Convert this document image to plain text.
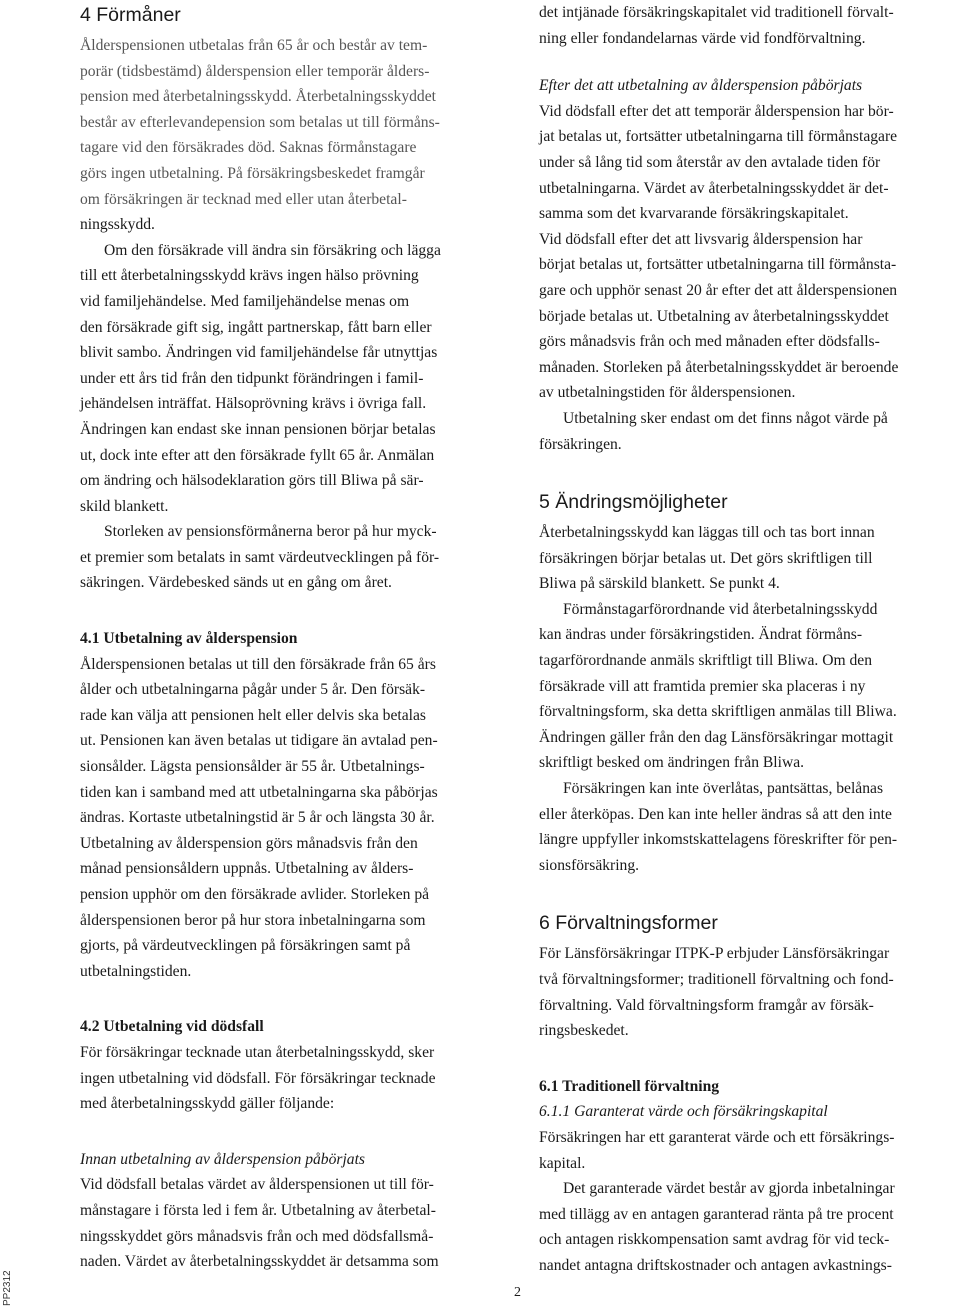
4 Förmåner
Ålderspensionen utbetalas från 65 år och består av tem-
porär (tidsbestämd) ålderspension eller temporär ålders-
pension med återbetalningsskydd. Återbetalningsskyddet
består av efterlevandepension som betalas ut till förmåns-
tagare vid den försäkrades död. Saknas förmånstagare
görs ingen utbetalning. På försäkringsbeskedet framgår
om försäkringen är tecknad med eller utan återbetal-
ningsskydd.
Om den försäkrade vill ändra sin försäkring och lägga
till ett återbetalningsskydd krävs ingen hälso prövning
vid familjehändelse. Med familjehändelse menas om
den försäkrade gift sig, ingått partnerskap, fått barn eller
blivit sambo. Ändringen vid familjehändelse får utnyttjas
under ett års tid från den tidpunkt förändringen i famil-
jehändelsen inträffat. Hälsoprövning krävs i övriga fall.
Ändringen kan endast ske innan pensionen börjar betalas
ut, dock inte efter att den försäkrade fyllt 65 år. Anmälan
om ändring och hälsodeklaration görs till Bliwa på sär-
skild blankett.
Storleken av pensionsförmånerna beror på hur myck-
et premier som betalats in samt värdeutvecklingen på för-
säkringen. Värdebesked sänds ut en gång om året.
4.1 Utbetalning av ålderspension
Ålderspensionen betalas ut till den försäkrade från 65 års
ålder och utbetalningarna pågår under 5 år. Den försäk-
rade kan välja att pensionen helt eller delvis ska betalas
ut. Pensionen kan även betalas ut tidigare än avtalad pen-
sionsålder. Lägsta pensionsålder är 55 år. Utbetalnings-
tiden kan i samband med att utbetalningarna ska påbörjas
ändras. Kortaste utbetalningstid är 5 år och längsta 30 år.
Utbetalning av ålderspension görs månadsvis från den
månad pensionsåldern uppnås. Utbetalning av ålders-
pension upphör om den försäkrade avlider. Storleken på
ålderspensionen beror på hur stora inbetalningarna som
gjorts, på värdeutvecklingen på försäkringen samt på
utbetalningstiden.
4.2 Utbetalning vid dödsfall
För försäkringar tecknade utan återbetalningsskydd, sker
ingen utbetalning vid dödsfall. För försäkringar tecknade
med återbetalningsskydd gäller följande:
Innan utbetalning av ålderspension påbörjats
Vid dödsfall betalas värdet av ålderspensionen ut till för-
månstagare i första led i fem år. Utbetalning av återbetal-
ningsskyddet görs månadsvis från och med dödsfallsmå-
naden. Värdet av återbetalningsskyddet är detsamma som
det intjänade försäkringskapitalet vid traditionell förvalt-
ning eller fondandelarnas värde vid fondförvaltning.
Efter det att utbetalning av ålderspension påbörjats
Vid dödsfall efter det att temporär ålderspension har bör-
jat betalas ut, fortsätter utbetalningarna till förmånstagare
under så lång tid som återstår av den avtalade tiden för
utbetalningarna. Värdet av återbetalningsskyddet är det-
samma som det kvarvarande försäkringskapitalet.
Vid dödsfall efter det att livsvarig ålderspension har
börjat betalas ut, fortsätter utbetalningarna till förmånsta-
gare och upphör senast 20 år efter det att ålderspensionen
började betalas ut. Utbetalning av återbetalningsskyddet
görs månadsvis från och med månaden efter dödsfalls-
månaden. Storleken på återbetalningsskyddet är beroende
av utbetalningstiden för ålderspensionen.
Utbetalning sker endast om det finns något värde på
försäkringen.
5 Ändringsmöjligheter
Återbetalningsskydd kan läggas till och tas bort innan
försäkringen börjar betalas ut. Det görs skriftligen till
Bliwa på särskild blankett. Se punkt 4.
Förmånstagarförordnande vid återbetalningsskydd
kan ändras under försäkringstiden. Ändrat förmåns-
tagarförordnande anmäls skriftligt till Bliwa. Om den
försäkrade vill att framtida premier ska placeras i ny
förvaltningsform, ska detta skriftligen anmälas till Bliwa.
Ändringen gäller från den dag Länsförsäkringar mottagit
skriftligt besked om ändringen från Bliwa.
Försäkringen kan inte överlåtas, pantsättas, belånas
eller återköpas. Den kan inte heller ändras så att den inte
längre uppfyller inkomstskattelagens föreskrifter för pen-
sionsförsäkring.
6 Förvaltningsformer
För Länsförsäkringar ITPK-P erbjuder Länsförsäkringar
två förvaltningsformer; traditionell förvaltning och fond-
förvaltning. Vald förvaltningsform framgår av försäk-
ringsbeskedet.
6.1 Traditionell förvaltning
6.1.1 Garanterat värde och försäkringskapital
Försäkringen har ett garanterat värde och ett försäkrings-
kapital.
Det garanterade värdet består av gjorda inbetalningar
med tillägg av en antagen garanterad ränta på tre procent
och antagen riskkompensation samt avdrag för vid teck-
nandet antagna driftskostnader och antagen avkastnings-
PP2312	2
